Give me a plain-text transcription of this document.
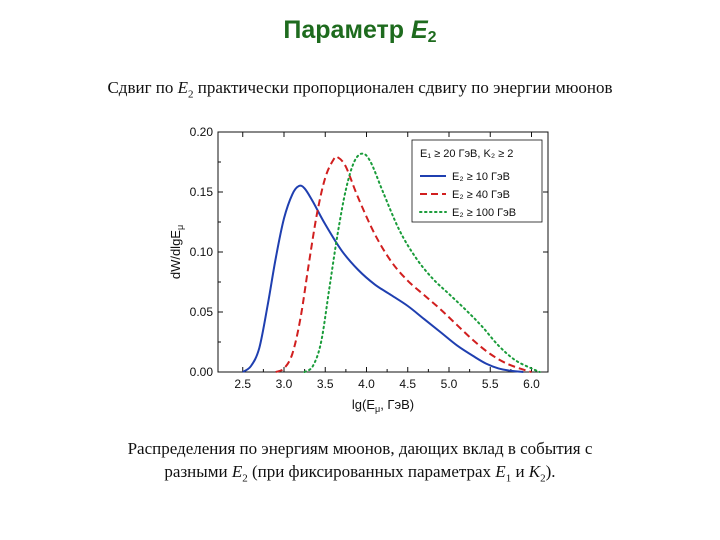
Параметр $E_2$
Сдвиг по $E_2$ практически пропорционален сдвигу по энергии мюонов
2.5 3.0 3.5 4.0 4.5 5.0 5.5 6.0
0.00
0.05
0.10
0.15
0.20
$\lg(E_\mu$, ГэВ)
dW/dlgE$_\mu$
E₁ ≥ 20 ГэВ, K₂ ≥ 2
E₂ ≥ 10 ГэВ
E₂ ≥ 40 ГэВ
E₂ ≥ 100 ГэВ
Распределения по энергиям мюонов, дающих вклад в события с
разными $E_2$ (при фиксированных параметрах $E_1$ и $K_2$).
